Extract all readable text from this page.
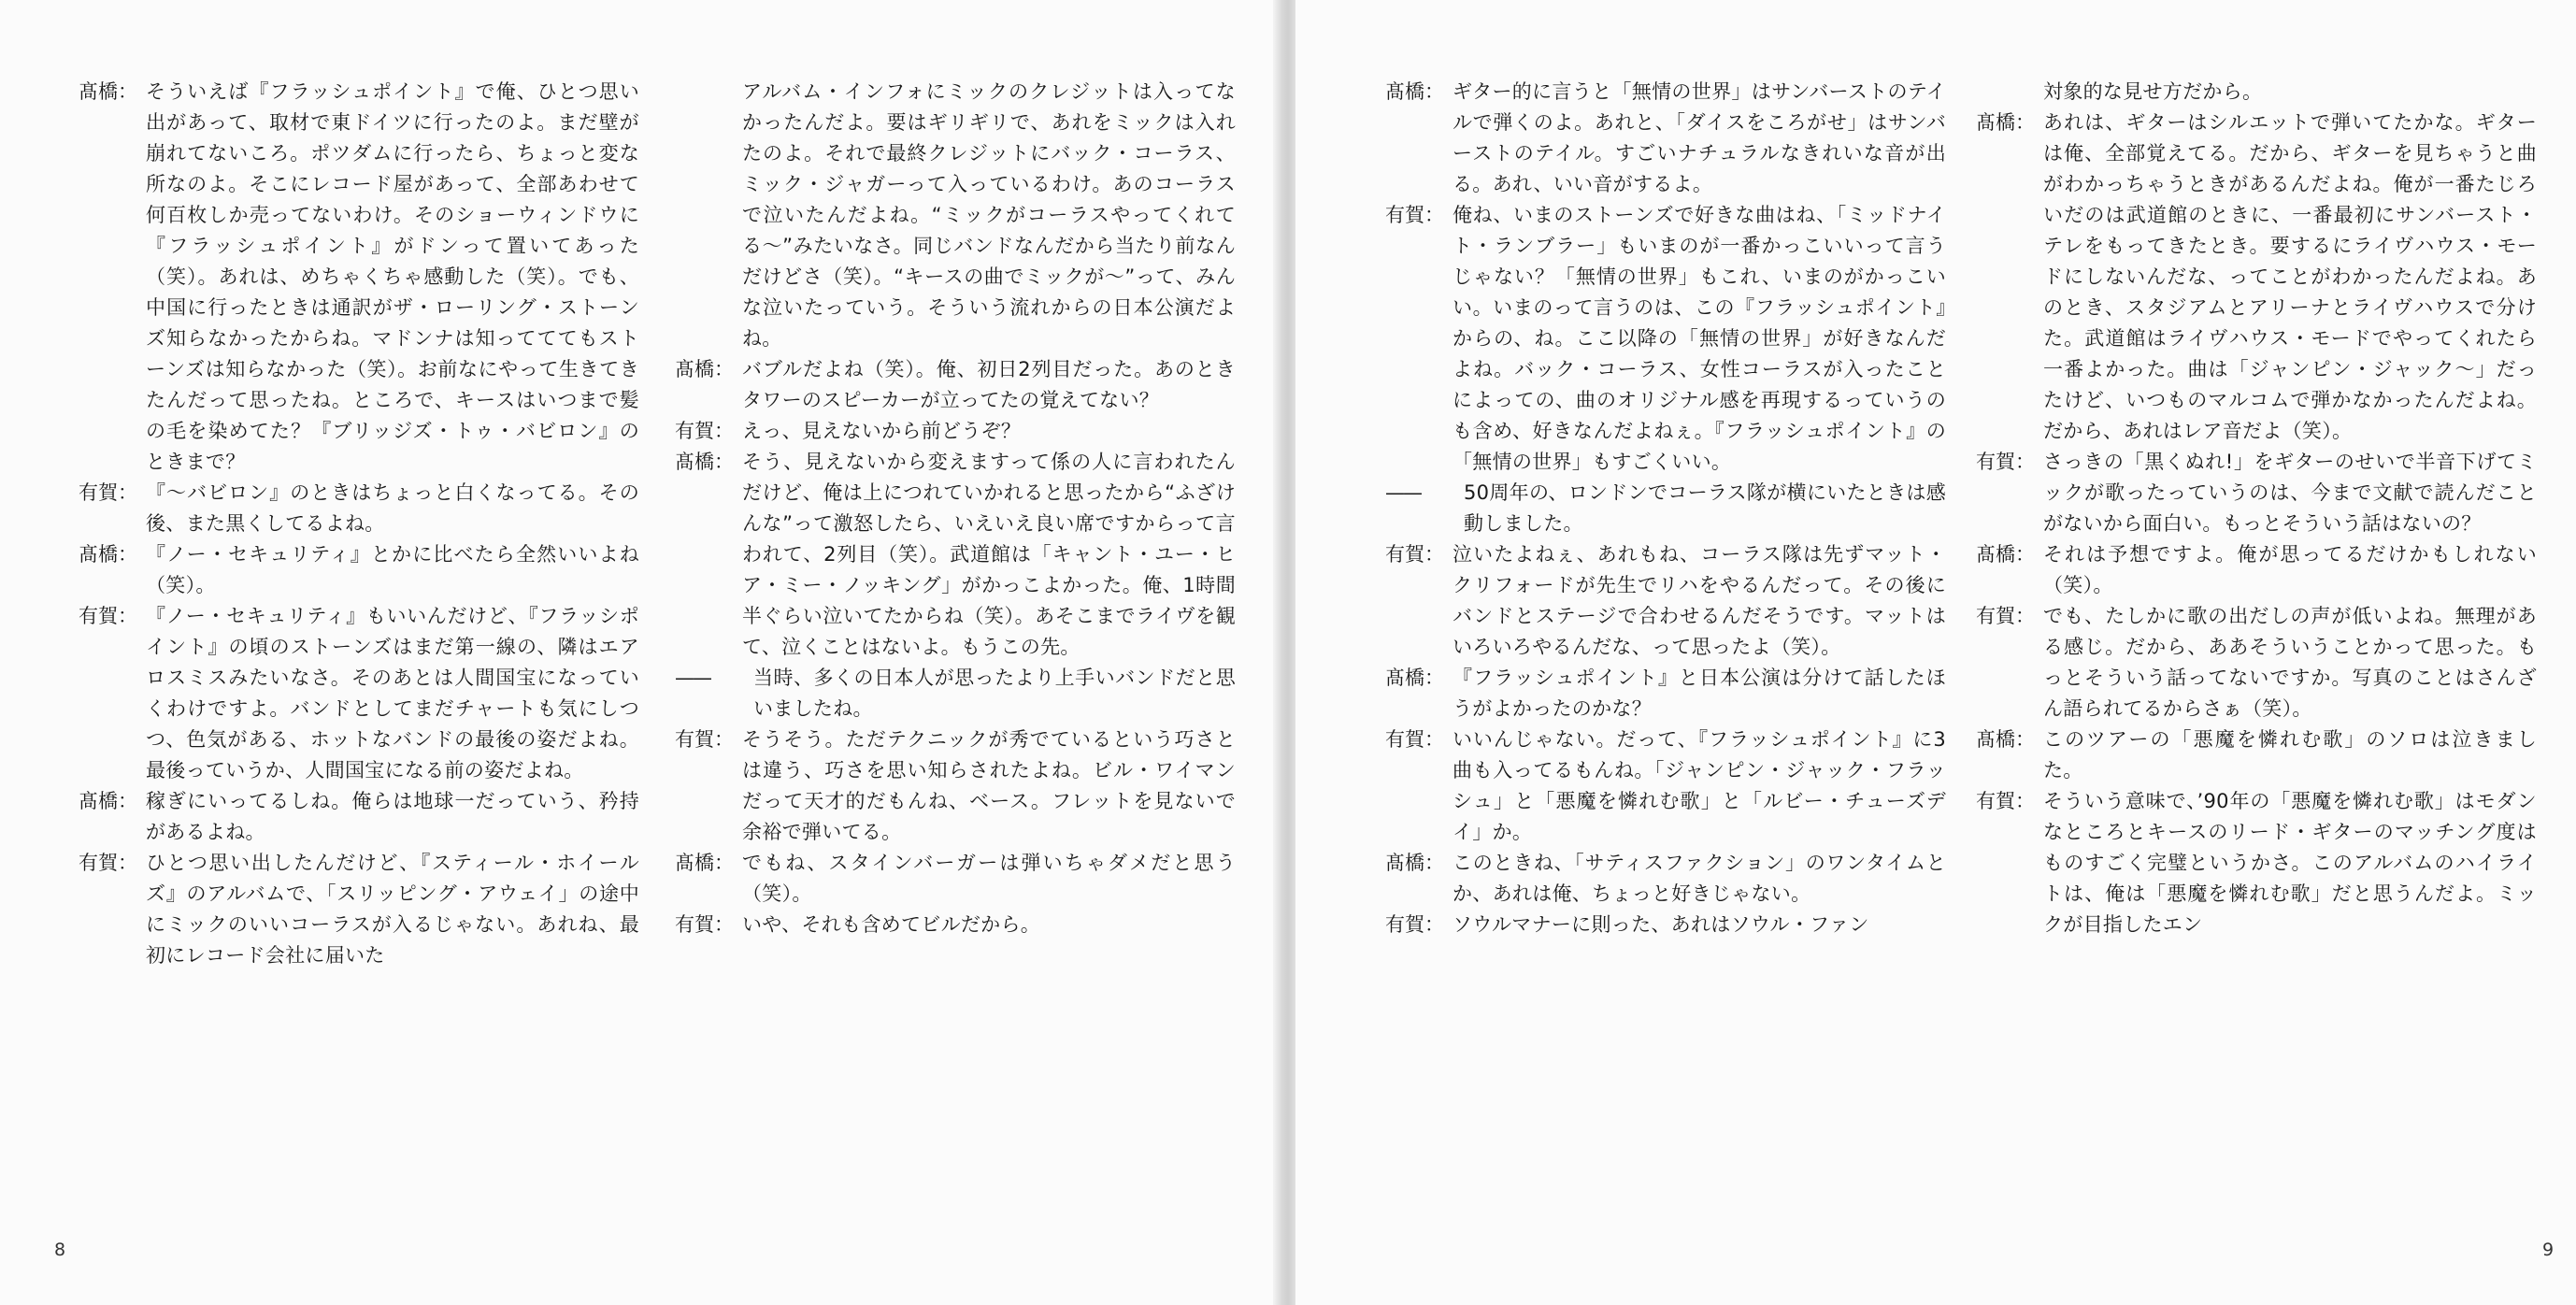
髙橋： そういえば『フラッシュポイント』で俺、ひとつ思い出があって、取材で東ドイツに行ったのよ。まだ壁が崩れてないころ。ポツダムに行ったら、ちょっと変な所なのよ。そこにレコード屋があって、全部あわせて何百枚しか売ってないわけ。そのショーウィンドウに『フラッシュポイント』がドンって置いてあった（笑）。あれは、めちゃくちゃ感動した（笑）。でも、中国に行ったときは通訳がザ・ローリング・ストーンズ知らなかったからね。マドンナは知ってててもストーンズは知らなかった（笑）。お前なにやって生きてきたんだって思ったね。ところで、キースはいつまで髪の毛を染めてた？『ブリッジズ・トゥ・バビロン』のときまで？
有賀： 『〜バビロン』のときはちょっと白くなってる。その後、また黒くしてるよね。
髙橋： 『ノー・セキュリティ』とかに比べたら全然いいよね（笑）。
有賀： 『ノー・セキュリティ』もいいんだけど、『フラッシポイント』の頃のストーンズはまだ第一線の、隣はエアロスミスみたいなさ。そのあとは人間国宝になっていくわけですよ。バンドとしてまだチャートも気にしつつ、色気がある、ホットなバンドの最後の姿だよね。最後っていうか、人間国宝になる前の姿だよね。
髙橋： 稼ぎにいってるしね。俺らは地球一だっていう、矜持があるよね。
有賀： ひとつ思い出したんだけど、『スティール・ホイールズ』のアルバムで、「スリッピング・アウェイ」の途中にミックのいいコーラスが入るじゃない。あれね、最初にレコード会社に届いた
アルバム・インフォにミックのクレジットは入ってなかったんだよ。要はギリギリで、あれをミックは入れたのよ。それで最終クレジットにバック・コーラス、ミック・ジャガーって入っているわけ。あのコーラスで泣いたんだよね。“ミックがコーラスやってくれてる〜”みたいなさ。同じバンドなんだから当たり前なんだけどさ（笑）。“キースの曲でミックが〜”って、みんな泣いたっていう。そういう流れからの日本公演だよね。
髙橋： バブルだよね（笑）。俺、初日2列目だった。あのときタワーのスピーカーが立ってたの覚えてない？
有賀： えっ、見えないから前どうぞ？
髙橋： そう、見えないから変えますって係の人に言われたんだけど、俺は上につれていかれると思ったから“ふざけんな”って激怒したら、いえいえ良い席ですからって言われて、2列目（笑）。武道館は「キャント・ユー・ヒア・ミー・ノッキング」がかっこよかった。俺、1時間半ぐらい泣いてたからね（笑）。あそこまでライヴを観て、泣くことはないよ。もうこの先。
——	当時、多くの日本人が思ったより上手いバンドだと思いましたね。
有賀： そうそう。ただテクニックが秀でているという巧さとは違う、巧さを思い知らされたよね。ビル・ワイマンだって天才的だもんね、ベース。フレットを見ないで余裕で弾いてる。
髙橋： でもね、スタインバーガーは弾いちゃダメだと思う（笑）。
有賀： いや、それも含めてビルだから。
8
髙橋： ギター的に言うと「無情の世界」はサンバーストのテイルで弾くのよ。あれと、「ダイスをころがせ」はサンバーストのテイル。すごいナチュラルなきれいな音が出る。あれ、いい音がするよ。
有賀： 俺ね、いまのストーンズで好きな曲はね、「ミッドナイト・ランブラー」もいまのが一番かっこいいって言うじゃない？「無情の世界」もこれ、いまのがかっこいい。いまのって言うのは、この『フラッシュポイント』からの、ね。ここ以降の「無情の世界」が好きなんだよね。バック・コーラス、女性コーラスが入ったことによっての、曲のオリジナル感を再現するっていうのも含め、好きなんだよねぇ。『フラッシュポイント』の「無情の世界」もすごくいい。
——	50周年の、ロンドンでコーラス隊が横にいたときは感動しました。
有賀： 泣いたよねぇ、あれもね、コーラス隊は先ずマット・クリフォードが先生でリハをやるんだって。その後にバンドとステージで合わせるんだそうです。マットはいろいろやるんだな、って思ったよ（笑）。
髙橋： 『フラッシュポイント』と日本公演は分けて話したほうがよかったのかな？
有賀： いいんじゃない。だって、『フラッシュポイント』に3曲も入ってるもんね。「ジャンピン・ジャック・フラッシュ」と「悪魔を憐れむ歌」と「ルビー・チューズデイ」か。
髙橋： このときね、「サティスファクション」のワンタイムとか、あれは俺、ちょっと好きじゃない。
有賀： ソウルマナーに則った、あれはソウル・ファン
対象的な見せ方だから。
髙橋： あれは、ギターはシルエットで弾いてたかな。ギターは俺、全部覚えてる。だから、ギターを見ちゃうと曲がわかっちゃうときがあるんだよね。俺が一番たじろいだのは武道館のときに、一番最初にサンバースト・テレをもってきたとき。要するにライヴハウス・モードにしないんだな、ってことがわかったんだよね。あのとき、スタジアムとアリーナとライヴハウスで分けた。武道館はライヴハウス・モードでやってくれたら一番よかった。曲は「ジャンピン・ジャック〜」だったけど、いつものマルコムで弾かなかったんだよね。だから、あれはレア音だよ（笑）。
有賀： さっきの「黒くぬれ!」をギターのせいで半音下げてミックが歌ったっていうのは、今まで文献で読んだことがないから面白い。もっとそういう話はないの？
髙橋： それは予想ですよ。俺が思ってるだけかもしれない（笑）。
有賀： でも、たしかに歌の出だしの声が低いよね。無理がある感じ。だから、ああそういうことかって思った。もっとそういう話ってないですか。写真のことはさんざん語られてるからさぁ（笑）。
髙橋： このツアーの「悪魔を憐れむ歌」のソロは泣きました。
有賀： そういう意味で、’90年の「悪魔を憐れむ歌」はモダンなところとキースのリード・ギターのマッチング度はものすごく完璧というかさ。このアルバムのハイライトは、俺は「悪魔を憐れむ歌」だと思うんだよ。ミックが目指したエン
9
